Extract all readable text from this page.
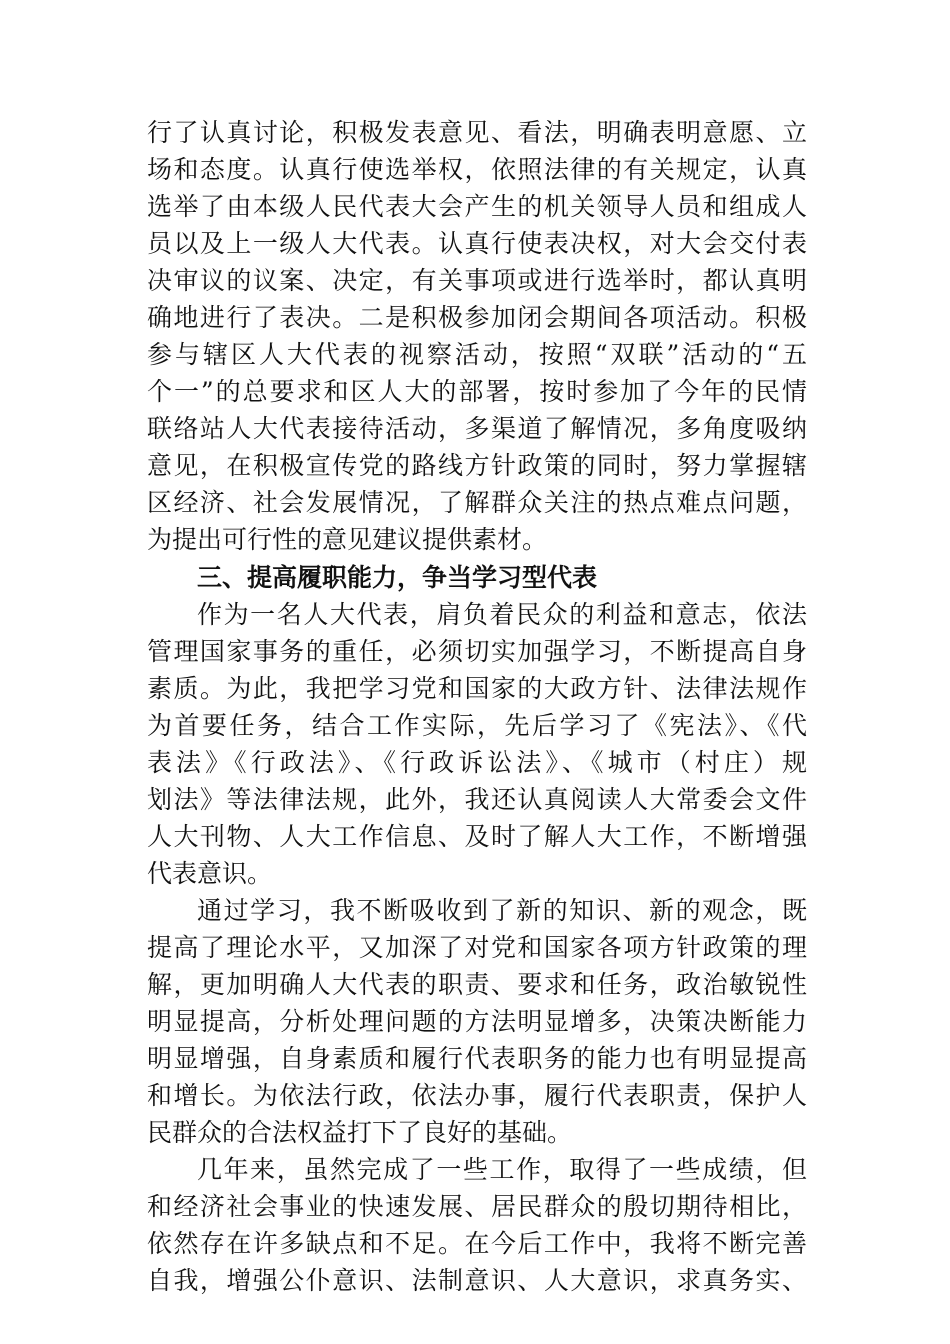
行了认真讨论，积极发表意见、看法，明确表明意愿、立
场和态度。认真行使选举权，依照法律的有关规定，认真
选举了由本级人民代表大会产生的机关领导人员和组成人
员以及上一级人大代表。认真行使表决权，对大会交付表
决审议的议案、决定，有关事项或进行选举时，都认真明
确地进行了表决。二是积极参加闭会期间各项活动。积极
参与辖区人大代表的视察活动，按照“双联”活动的“五
个一”的总要求和区人大的部署，按时参加了今年的民情
联络站人大代表接待活动，多渠道了解情况，多角度吸纳
意见，在积极宣传党的路线方针政策的同时，努力掌握辖
区经济、社会发展情况，了解群众关注的热点难点问题，
为提出可行性的意见建议提供素材。
三、提高履职能力，争当学习型代表
作为一名人大代表，肩负着民众的利益和意志，依法
管理国家事务的重任，必须切实加强学习，不断提高自身
素质。为此，我把学习党和国家的大政方针、法律法规作
为首要任务，结合工作实际，先后学习了《宪法》、《代
表法》《行政法》、《行政诉讼法》、《城市（村庄）规
划法》等法律法规，此外，我还认真阅读人大常委会文件
人大刊物、人大工作信息、及时了解人大工作，不断增强
代表意识。
通过学习，我不断吸收到了新的知识、新的观念，既
提高了理论水平，又加深了对党和国家各项方针政策的理
解，更加明确人大代表的职责、要求和任务，政治敏锐性
明显提高，分析处理问题的方法明显增多，决策决断能力
明显增强，自身素质和履行代表职务的能力也有明显提高
和增长。为依法行政，依法办事，履行代表职责，保护人
民群众的合法权益打下了良好的基础。
几年来，虽然完成了一些工作，取得了一些成绩，但
和经济社会事业的快速发展、居民群众的殷切期待相比，
依然存在许多缺点和不足。在今后工作中，我将不断完善
自我，增强公仆意识、法制意识、人大意识，求真务实、
